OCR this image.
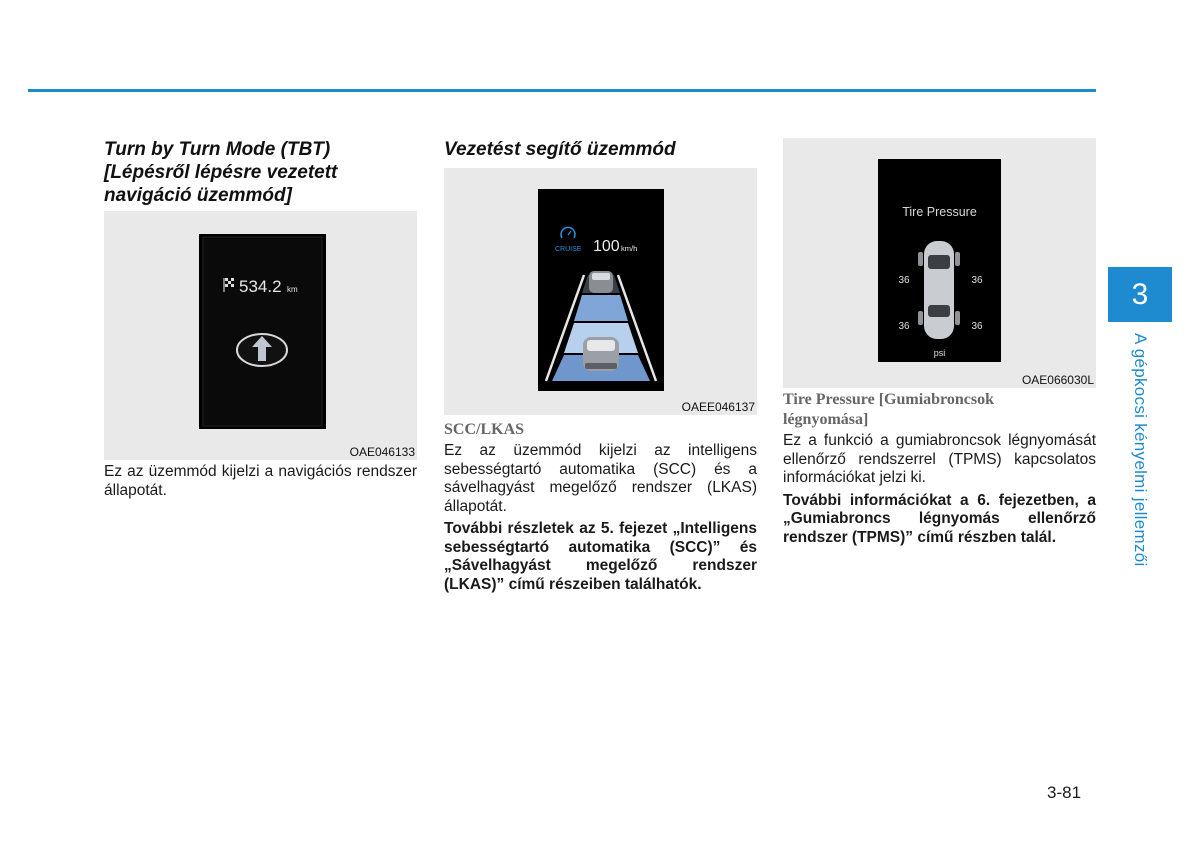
Turn by Turn Mode (TBT)
[Lépésről lépésre vezetett
navigáció üzemmód]
534.2 km
OAE046133

Ez az üzemmód kijelzi a navigációs rendszer állapotát.

Vezetést segítő üzemmód
CRUISE 100 km/h
OAEE046137
SCC/LKAS

Ez az üzemmód kijelzi az intelligens sebességtartó automatika (SCC) és a sávelhagyást megelőző rendszer (LKAS) állapotát.

További részletek az 5. fejezet „Intelligens sebességtartó automatika (SCC)” és „Sávelhagyást megelőző rendszer (LKAS)” című részeiben találhatók.

Tire Pressure
36	36
36	36
psi
OAE066030L
Tire Pressure [Gumiabroncsok
légnyomása]

Ez a funkció a gumiabroncsok légnyomását ellenőrző rendszerrel (TPMS) kapcsolatos információkat jelzi ki.

További információkat a 6. fejezetben, a „Gumiabroncs légnyomás ellenőrző rendszer (TPMS)” című részben talál.

3
A gépkocsi kényelmi jellemzői
3-81
